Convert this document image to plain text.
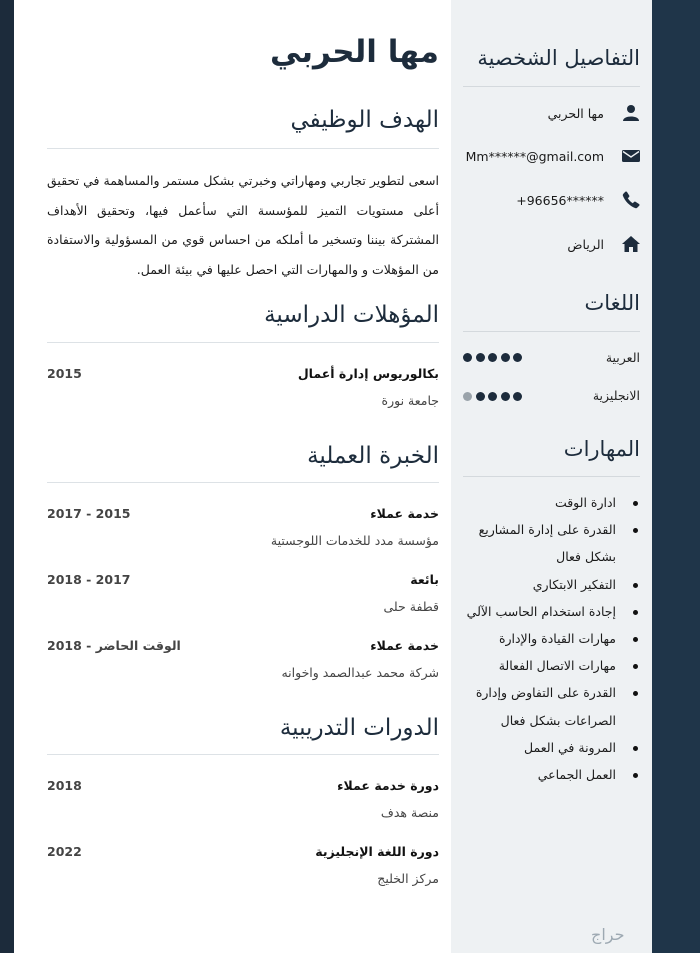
مها الحربي
الهدف الوظيفي
اسعى لتطوير تجاربي ومهاراتي وخبرتي بشكل مستمر والمساهمة في تحقيق أعلى مستويات التميز للمؤسسة التي سأعمل فيها، وتحقيق الأهداف المشتركة بيننا وتسخير ما أملكه من احساس قوي من المسؤولية والاستفادة من المؤهلات و والمهارات التي احصل عليها في بيئة العمل.
المؤهلات الدراسية
بكالوريوس إدارة أعمال
2015
جامعة نورة
الخبرة العملية
خدمة عملاء
2017 - 2015
مؤسسة مدد للخدمات اللوجستية
بائعة
2018 - 2017
قطفة حلى
خدمة عملاء
2018 - الوقت الحاضر
شركة محمد عبدالصمد واخوانه
الدورات التدريبية
دورة خدمة عملاء
2018
منصة هدف
دورة اللغة الإنجليزية
2022
مركز الخليج
التفاصيل الشخصية
مها الحربي
Mm******@gmail.com
+96656******
الرياض
اللغات
العربية
الانجليزية
المهارات
ادارة الوقت
القدرة على إدارة المشاريع بشكل فعال
التفكير الابتكاري
إجادة استخدام الحاسب الآلي
مهارات القيادة والإدارة
مهارات الاتصال الفعالة
القدرة على التفاوض وإدارة الصراعات بشكل فعال
المرونة في العمل
العمل الجماعي
حراج
